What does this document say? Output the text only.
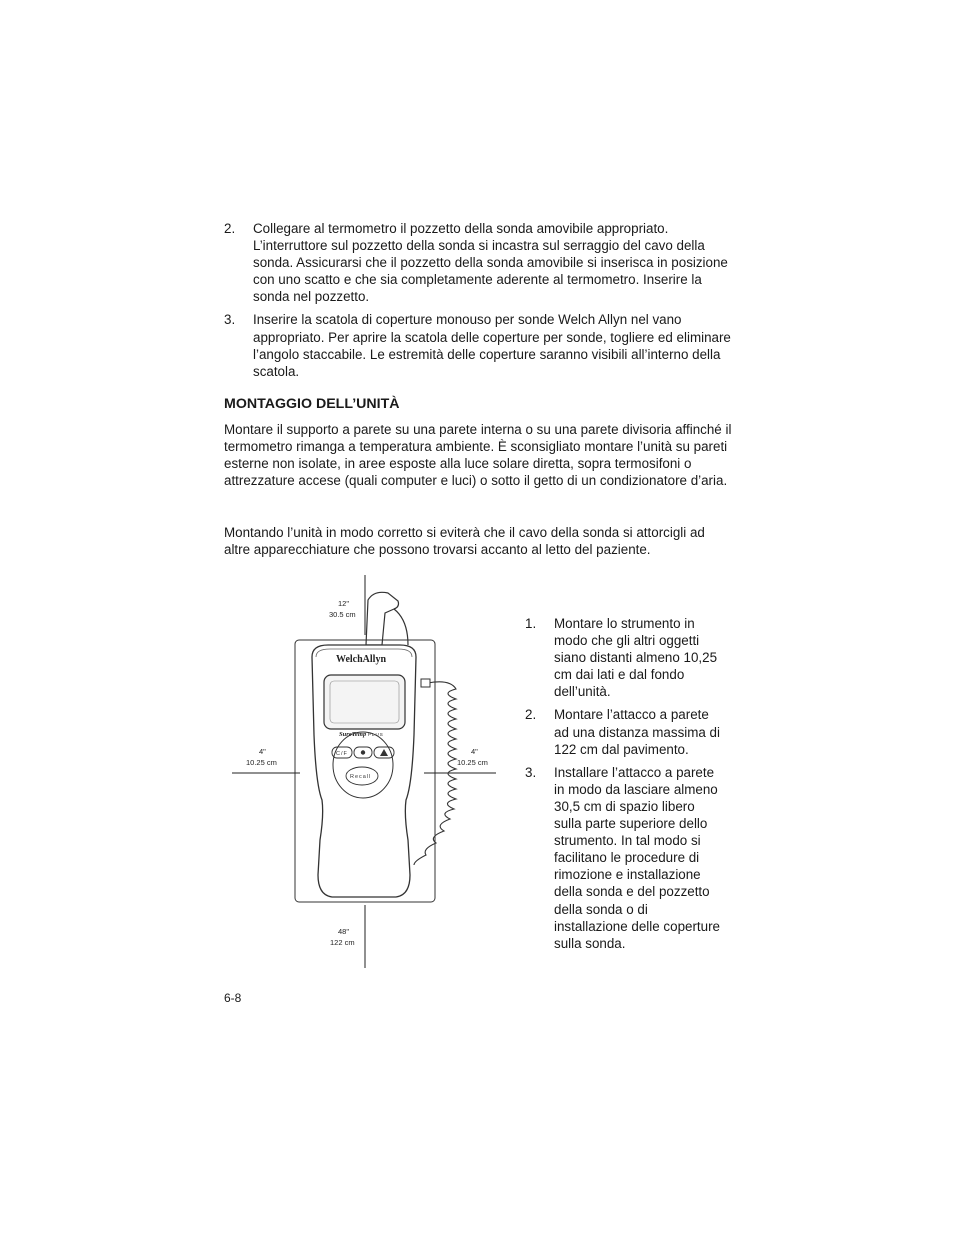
2. Collegare al termometro il pozzetto della sonda amovibile appropriato. L’interruttore sul pozzetto della sonda si incastra sul serraggio del cavo della sonda. Assicurarsi che il pozzetto della sonda amovibile si inserisca in posizione con uno scatto e che sia completamente aderente al termometro. Inserire la sonda nel pozzetto.
3. Inserire la scatola di coperture monouso per sonde Welch Allyn nel vano appropriato. Per aprire la scatola delle coperture per sonde, togliere ed eliminare l’angolo staccabile. Le estremità delle coperture saranno visibili all’interno della scatola.
MONTAGGIO DELL’UNITÀ

Montare il supporto a parete su una parete interna o su una parete divisoria affinché il termometro rimanga a temperatura ambiente. È sconsigliato montare l’unità su pareti esterne non isolate, in aree esposte alla luce solare diretta, sopra termosifoni o attrezzature accese (quali computer e luci) o sotto il getto di un condizionatore d’aria.

Montando l’unità in modo corretto si eviterà che il cavo della sonda si attorcigli ad altre apparecchiature che possono trovarsi accanto al letto del paziente.

WelchAllyn
SureTemp PLUS
C/F
Recall
12"
30.5 cm
4"
10.25 cm
4"
10.25 cm
48"
122 cm
1. Montare lo strumento in modo che gli altri oggetti siano distanti almeno 10,25 cm dai lati e dal fondo dell’unità.
2. Montare l’attacco a parete ad una distanza massima di 122 cm dal pavimento.
3. Installare l’attacco a parete in modo da lasciare almeno 30,5 cm di spazio libero sulla parte superiore dello strumento. In tal modo si facilitano le procedure di rimozione e installazione della sonda e del pozzetto della sonda o di installazione delle coperture sulla sonda.

6-8
